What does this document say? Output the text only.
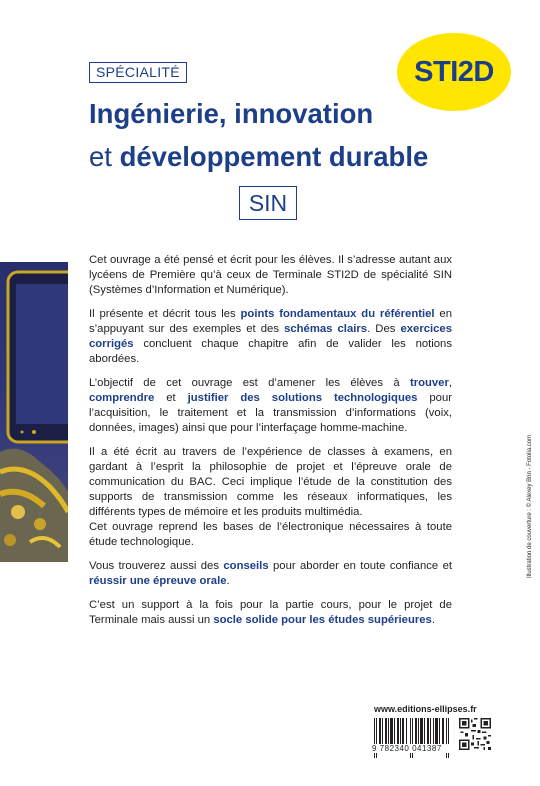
STI2D
SPÉCIALITÉ
Ingénierie, innovation
et développement durable
SIN

Cet ouvrage a été pensé et écrit pour les élèves. Il s’adresse autant aux lycéens de Première qu’à ceux de Terminale STI2D de spécialité SIN (Systèmes d’Information et Numérique).

Il présente et décrit tous les points fondamentaux du référentiel en s’appuyant sur des exemples et des schémas clairs. Des exercices corrigés concluent chaque chapitre afin de valider les notions abordées.

L’objectif de cet ouvrage est d’amener les élèves à trouver, comprendre et justifier des solutions technologiques pour l’acquisition, le traitement et la transmission d’informations (voix, données, images) ainsi que pour l’interfaçage homme-machine.

Il a été écrit au travers de l’expérience de classes à examens, en gardant à l’esprit la philosophie de projet et l’épreuve orale de communication du BAC. Ceci implique l’étude de la constitution des supports de transmission comme les réseaux informatiques, les différents types de mémoire et les produits multimédia.

Cet ouvrage reprend les bases de l’électronique nécessaires à toute étude technologique.

Vous trouverez aussi des conseils pour aborder en toute confiance et réussir une épreuve orale.

C’est un support à la fois pour la partie cours, pour le projet de Terminale mais aussi un socle solide pour les études supérieures.

www.editions-ellipses.fr
9 782340 041387
Illustration de couverture : © Alexey Brin - Fotolia.com
